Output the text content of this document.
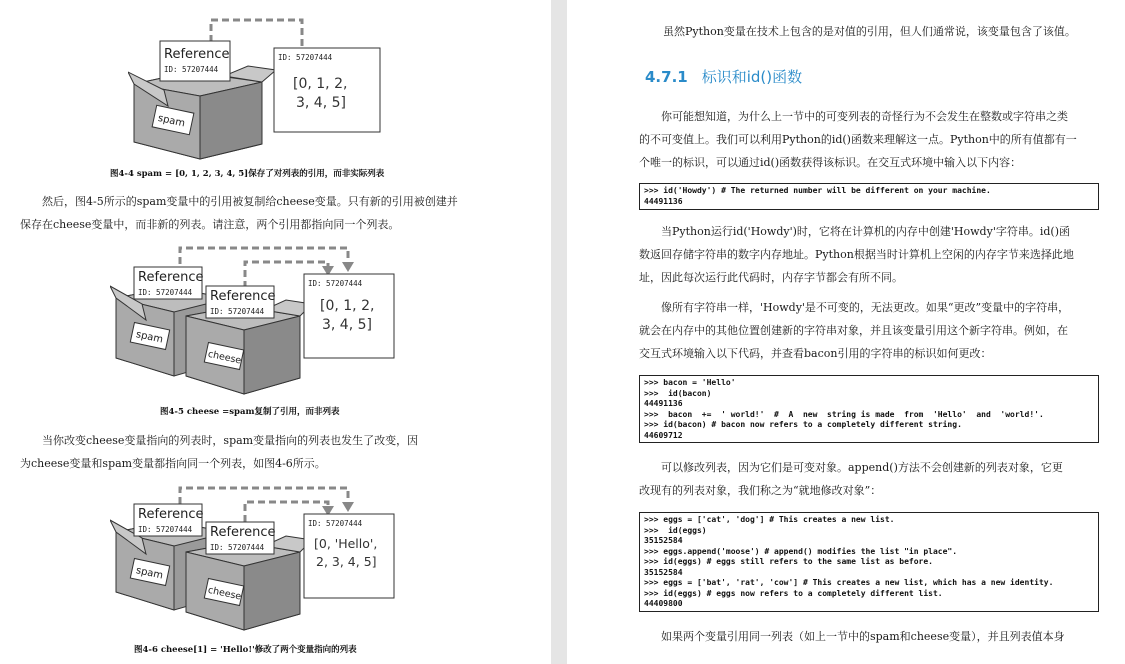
Reference
ID: 57207444
spam
ID: 57207444
[0, 1, 2,
3, 4, 5]
图4-4 spam = [0, 1, 2, 3, 4, 5]保存了对列表的引用，而非实际列表
然后，图4-5所示的spam变量中的引用被复制给cheese变量。只有新的引用被创建并
保存在cheese变量中，而非新的列表。请注意，两个引用都指向同一个列表。
Reference
ID: 57207444
spam
Reference
ID: 57207444
cheese
ID: 57207444
[0, 1, 2,
3, 4, 5]
图4-5 cheese =spam复制了引用，而非列表
当你改变cheese变量指向的列表时，spam变量指向的列表也发生了改变，因
为cheese变量和spam变量都指向同一个列表，如图4-6所示。
Reference
ID: 57207444
spam
Reference
ID: 57207444
cheese
ID: 57207444
[0, 'Hello',
2, 3, 4, 5]
图4-6 cheese[1] = 'Hello!'修改了两个变量指向的列表
虽然Python变量在技术上包含的是对值的引用，但人们通常说，该变量包含了该值。
4.7.1 标识和id()函数
你可能想知道，为什么上一节中的可变列表的奇怪行为不会发生在整数或字符串之类
的不可变值上。我们可以利用Python的id()函数来理解这一点。Python中的所有值都有一
个唯一的标识，可以通过id()函数获得该标识。在交互式环境中输入以下内容：
>>> id('Howdy') # The returned number will be different on your machine.
44491136
当Python运行id('Howdy')时，它将在计算机的内存中创建'Howdy'字符串。id()函
数返回存储字符串的数字内存地址。Python根据当时计算机上空闲的内存字节来选择此地
址，因此每次运行此代码时，内存字节都会有所不同。
像所有字符串一样，'Howdy'是不可变的，无法更改。如果“更改”变量中的字符串，
就会在内存中的其他位置创建新的字符串对象，并且该变量引用这个新字符串。例如，在
交互式环境输入以下代码，并查看bacon引用的字符串的标识如何更改：
>>> bacon = 'Hello'
>>>  id(bacon)
44491136
>>>  bacon  +=  ' world!'  #  A  new  string is made  from  'Hello'  and  'world!'.
>>> id(bacon) # bacon now refers to a completely different string.
44609712
可以修改列表，因为它们是可变对象。append()方法不会创建新的列表对象，它更
改现有的列表对象，我们称之为“就地修改对象”：
>>> eggs = ['cat', 'dog'] # This creates a new list.
>>>  id(eggs)
35152584
>>> eggs.append('moose') # append() modifies the list "in place".
>>> id(eggs) # eggs still refers to the same list as before.
35152584
>>> eggs = ['bat', 'rat', 'cow'] # This creates a new list, which has a new identity.
>>> id(eggs) # eggs now refers to a completely different list.
44409800
如果两个变量引用同一列表（如上一节中的spam和cheese变量），并且列表值本身
